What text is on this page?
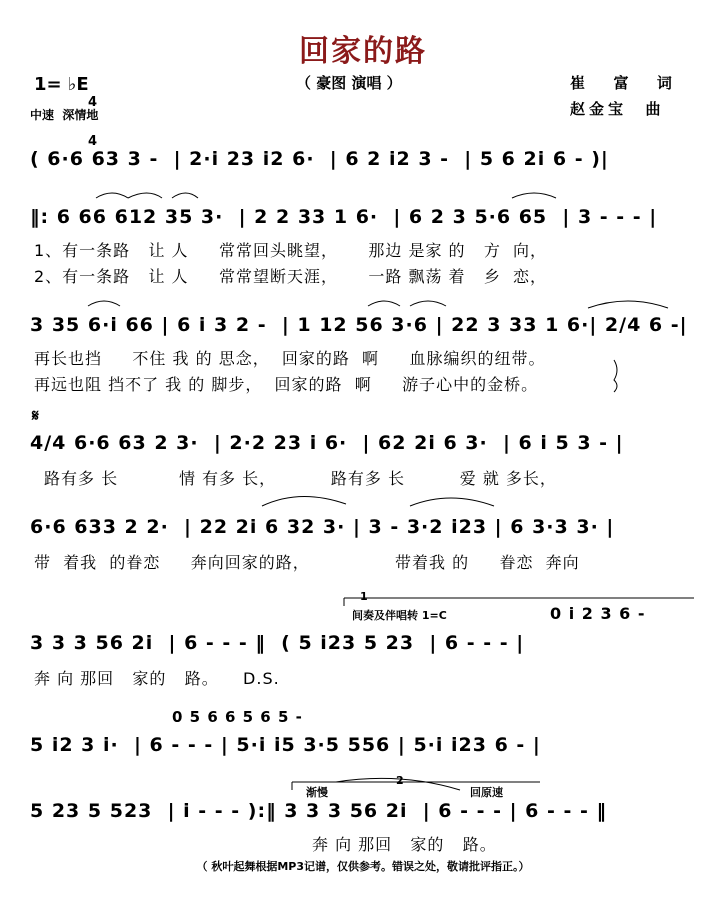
回家的路
（ 豪图 演唱 ）
1= ♭E

4

4

中速  深情地
崔  富  词
赵金宝  曲
( 6·6 63 3 -  | 2·i 23 i2 6·  | 6 2 i2 3 -  | 5 6 2i 6 - )|
‖: 6 66 612 35 3·  | 2 2 33 1 6·  | 6 2 3 5·6 65  | 3 - - - |
1、有一条路   让 人     常常回头眺望，     那边 是家 的   方  向，
2、有一条路   让 人     常常望断天涯，     一路 飘荡 着   乡  恋，
3 35 6·i 66 | 6 i 3 2 -  | 1 12 56 3·6 | 22 3 33 1 6·| 2/4 6 -|
再长也挡     不住 我 的 思念，  回家的路  啊     血脉编织的纽带。
再远也阻 挡不了 我 的 脚步，  回家的路  啊     游子心中的金桥。
𝄋
4/4 6·6 63 2 3·  | 2·2 23 i 6·  | 62 2i 6 3·  | 6 i 5 3 - |
路有多 长          情 有多 长，         路有多 长         爱 就 多长，
6·6 633 2 2·  | 22 2i 6 32 3· | 3 - 3·2 i23 | 6 3·3 3· |
带  着我  的眷恋     奔向回家的路，              带着我 的     眷恋  奔向
1
间奏及伴唱转 1=C	0 i 2 3 6 -
3 3 3 56 2i  | 6 - - - ‖  ( 5 i23 5 23  | 6 - - - |
奔 向 那回   家的   路。    D.S.
0 5 6 6 5 6 5 -
5 i2 3 i·  | 6 - - - | 5·i i5 3·5 556 | 5·i i23 6 - |
渐慢
2
回原速
5 23 5 523  | i - - - ):‖ 3 3 3 56 2i  | 6 - - - | 6 - - - ‖
奔 向 那回   家的   路。
（ 秋叶起舞根据MP3记谱，仅供参考。错误之处，敬请批评指正。）
